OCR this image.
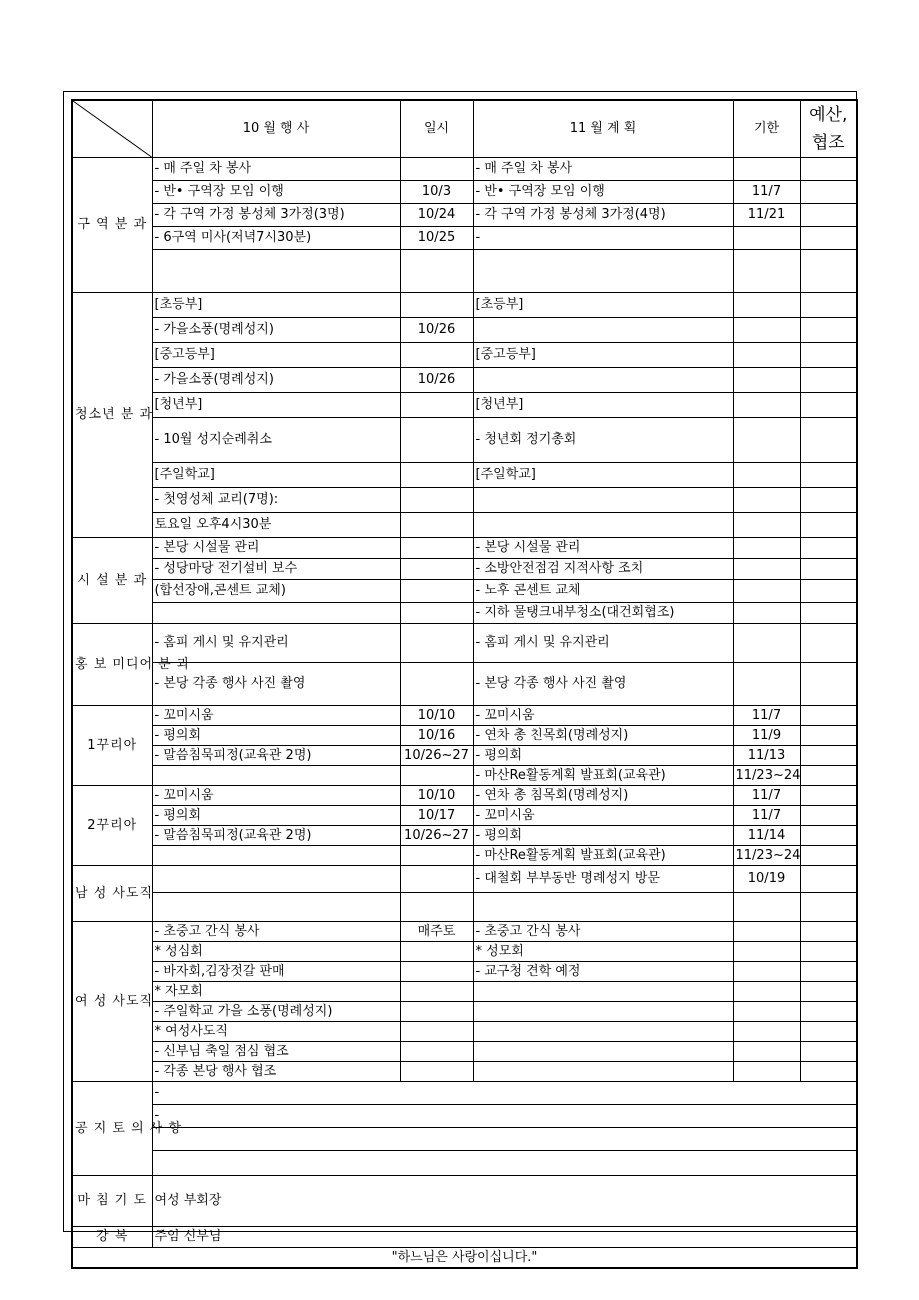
	10 월 행 사	일시	11 월 계 획	기한	예산, 협조
구 역 분 과	- 매 주일 차 봉사		- 매 주일 차 봉사		
	- 반• 구역장 모임 이행	10/3	- 반• 구역장 모임 이행	11/7	
	- 각 구역 가정 봉성체 3가정(3명)	10/24	- 각 구역 가정 봉성체 3가정(4명)	11/21	
	- 6구역 미사(저녁7시30분)	10/25	-		

청소년 분 과	[초등부]		[초등부]		
	- 가을소풍(명례성지)	10/26			
	[중고등부]		[중고등부]		
	- 가을소풍(명례성지)	10/26			
	[청년부]		[청년부]		
	- 10월 성지순례취소		- 청년회 정기총회		
	[주일학교]		[주일학교]		
	- 첫영성체 교리(7명):				
	토요일 오후4시30분				
시 설 분 과	- 본당 시설물 관리		- 본당 시설물 관리		
	- 성당마당 전기설비 보수		- 소방안전점검 지적사항 조치		
	(합선장애,콘센트 교체)		- 노후 콘센트 교체		
			- 지하 물탱크내부청소(대건회협조)		
홍 보 미디어 분 과	- 홈피 게시 및 유지관리		- 홈피 게시 및 유지관리		
	- 본당 각종 행사 사진 촬영		- 본당 각종 행사 사진 촬영		
1꾸리아	- 꼬미시움	10/10	- 꼬미시움	11/7	
	- 평의회	10/16	- 연차 총 친목회(명례성지)	11/9	
	- 말씀침묵피정(교육관 2명)	10/26~27	- 평의회	11/13	
			- 마산Re활동계획 발표회(교육관)	11/23~24	
2꾸리아	- 꼬미시움	10/10	- 연차 총 침목회(명례성지)	11/7	
	- 평의회	10/17	- 꼬미시움	11/7	
	- 말씀침묵피정(교육관 2명)	10/26~27	- 평의회	11/14	
			- 마산Re활동계획 발표회(교육관)	11/23~24	
남 성 사도직			- 대철회 부부동반 명례성지 방문	10/19	

여 성 사도직	- 초중고 간식 봉사	매주토	- 초중고 간식 봉사		
	* 성심회		* 성모회		
	- 바자회,김장젓갈 판매		- 교구청 견학 예정		
	* 자모회				
	- 주일학교 가을 소풍(명례성지)				
	* 여성사도직				
	- 신부님 축일 점심 협조				
	- 각종 본당 행사 협조				
공 지 토 의 사 항	-				
	-				

마 침 기 도	여성 부회장				
강 복	주임 신부님				
"하느님은 사랑이십니다."					
